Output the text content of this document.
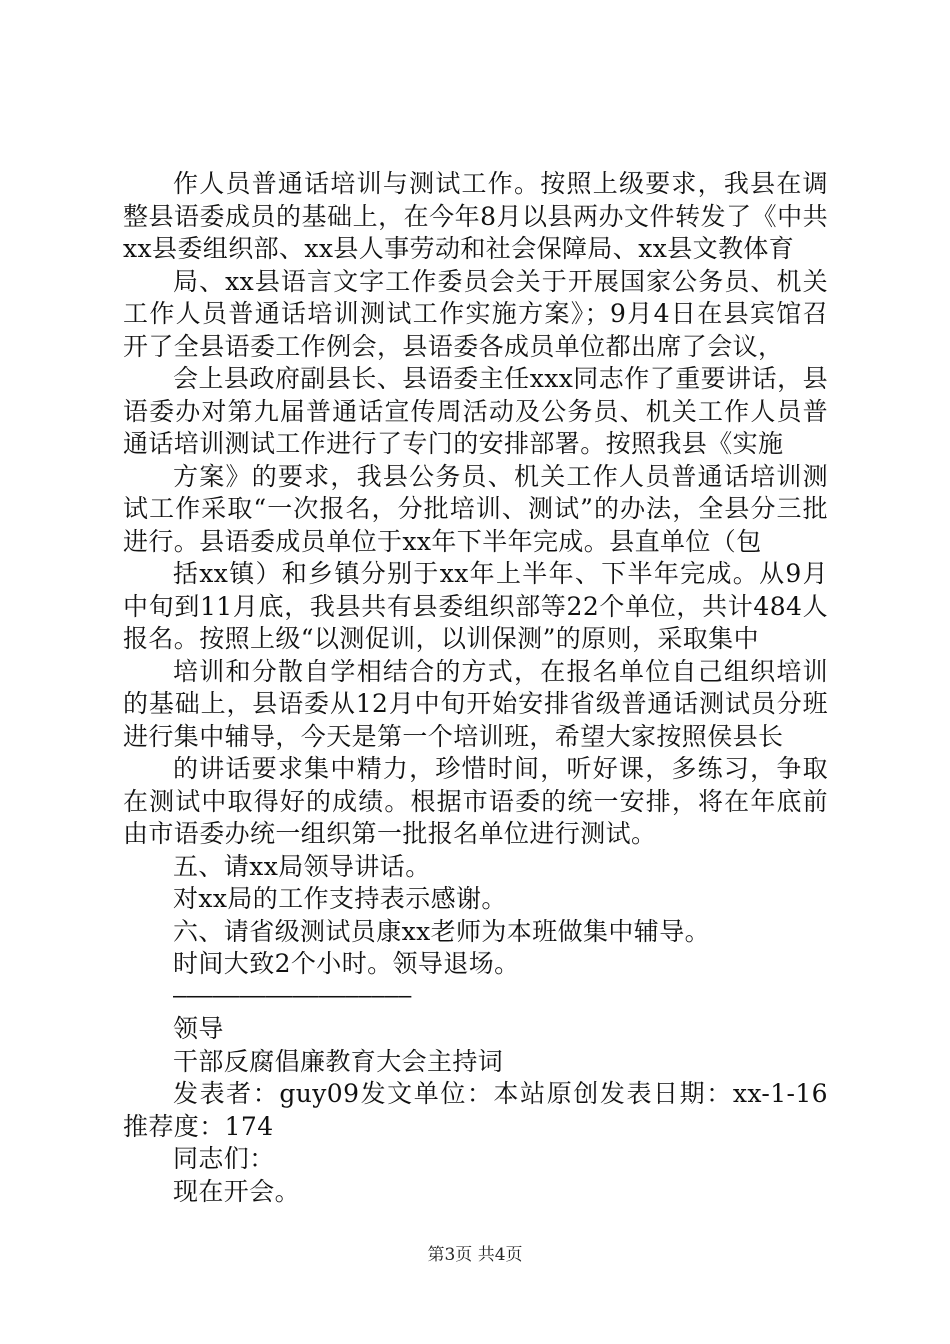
作人员普通话培训与测试工作。按照上级要求，我县在调整县语委成员的基础上，在今年8月以县两办文件转发了《中共xx县委组织部、xx县人事劳动和社会保障局、xx县文教体育

局、xx县语言文字工作委员会关于开展国家公务员、机关工作人员普通话培训测试工作实施方案》；9月4日在县宾馆召开了全县语委工作例会，县语委各成员单位都出席了会议，

会上县政府副县长、县语委主任xxx同志作了重要讲话，县语委办对第九届普通话宣传周活动及公务员、机关工作人员普通话培训测试工作进行了专门的安排部署。按照我县《实施

方案》的要求，我县公务员、机关工作人员普通话培训测试工作采取“一次报名，分批培训、测试”的办法，全县分三批进行。县语委成员单位于xx年下半年完成。县直单位（包

括xx镇）和乡镇分别于xx年上半年、下半年完成。从9月中旬到11月底，我县共有县委组织部等22个单位，共计484人报名。按照上级“以测促训，以训保测”的原则，采取集中

培训和分散自学相结合的方式，在报名单位自己组织培训的基础上，县语委从12月中旬开始安排省级普通话测试员分班进行集中辅导，今天是第一个培训班，希望大家按照侯县长

的讲话要求集中精力，珍惜时间，听好课，多练习，争取在测试中取得好的成绩。根据市语委的统一安排，将在年底前由市语委办统一组织第一批报名单位进行测试。

五、请xx局领导讲话。

对xx局的工作支持表示感谢。

六、请省级测试员康xx老师为本班做集中辅导。

时间大致2个小时。领导退场。

——————————————————

领导

干部反腐倡廉教育大会主持词

发表者：guy09发文单位：本站原创发表日期：xx-1-16推荐度：174

同志们：

现在开会。

第3页 共4页
